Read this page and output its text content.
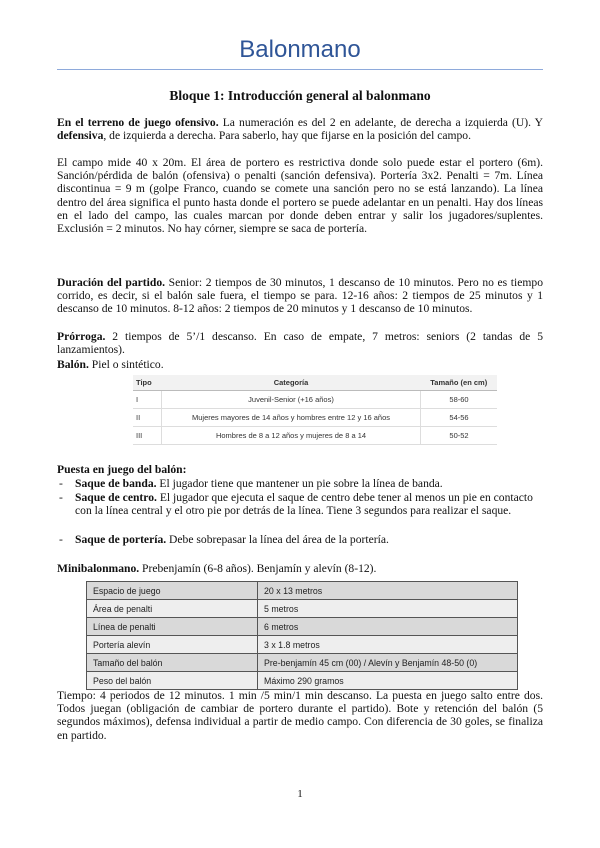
Balonmano
Bloque 1: Introducción general al balonmano
En el terreno de juego ofensivo. La numeración es del 2 en adelante, de derecha a izquierda (U). Y defensiva, de izquierda a derecha. Para saberlo, hay que fijarse en la posición del campo.
El campo mide 40 x 20m. El área de portero es restrictiva donde solo puede estar el portero (6m). Sanción/pérdida de balón (ofensiva) o penalti (sanción defensiva). Portería 3x2. Penalti = 7m. Línea discontinua = 9 m (golpe Franco, cuando se comete una sanción pero no se está lanzando). La línea dentro del área significa el punto hasta donde el portero se puede adelantar en un penalti. Hay dos líneas en el lado del campo, las cuales marcan por donde deben entrar y salir los jugadores/suplentes. Exclusión = 2 minutos. No hay córner, siempre se saca de portería.
Duración del partido. Senior: 2 tiempos de 30 minutos, 1 descanso de 10 minutos. Pero no es tiempo corrido, es decir, si el balón sale fuera, el tiempo se para. 12-16 años: 2 tiempos de 25 minutos y 1 descanso de 10 minutos. 8-12 años: 2 tiempos de 20 minutos y 1 descanso de 10 minutos.
Prórroga. 2 tiempos de 5’/1 descanso. En caso de empate, 7 metros: seniors (2 tandas de 5 lanzamientos).
Balón. Piel o sintético.
Tipo	Categoría	Tamaño (en cm)
I	Juvenil-Senior (+16 años)	58-60
II	Mujeres mayores de 14 años y hombres entre 12 y 16 años	54-56
III	Hombres de 8 a 12 años y mujeres de 8 a 14	50-52
Puesta en juego del balón:
- Saque de banda. El jugador tiene que mantener un pie sobre la línea de banda.
- Saque de centro. El jugador que ejecuta el saque de centro debe tener al menos un pie en contacto con la línea central y el otro pie por detrás de la línea. Tiene 3 segundos para realizar el saque.
- Saque de portería. Debe sobrepasar la línea del área de la portería.
Minibalonmano. Prebenjamín (6-8 años). Benjamín y alevín (8-12).
Espacio de juego	20 x 13 metros
Área de penalti	5 metros
Línea de penalti	6 metros
Portería alevín	3 x 1.8 metros
Tamaño del balón	Pre-benjamín 45 cm (00) / Alevín y Benjamín 48-50 (0)
Peso del balón	Máximo 290 gramos
Tiempo: 4 periodos de 12 minutos. 1 min /5 min/1 min descanso. La puesta en juego salto entre dos. Todos juegan (obligación de cambiar de portero durante el partido). Bote y retención del balón (5 segundos máximos), defensa individual a partir de medio campo. Con diferencia de 30 goles, se finaliza en partido.
1
